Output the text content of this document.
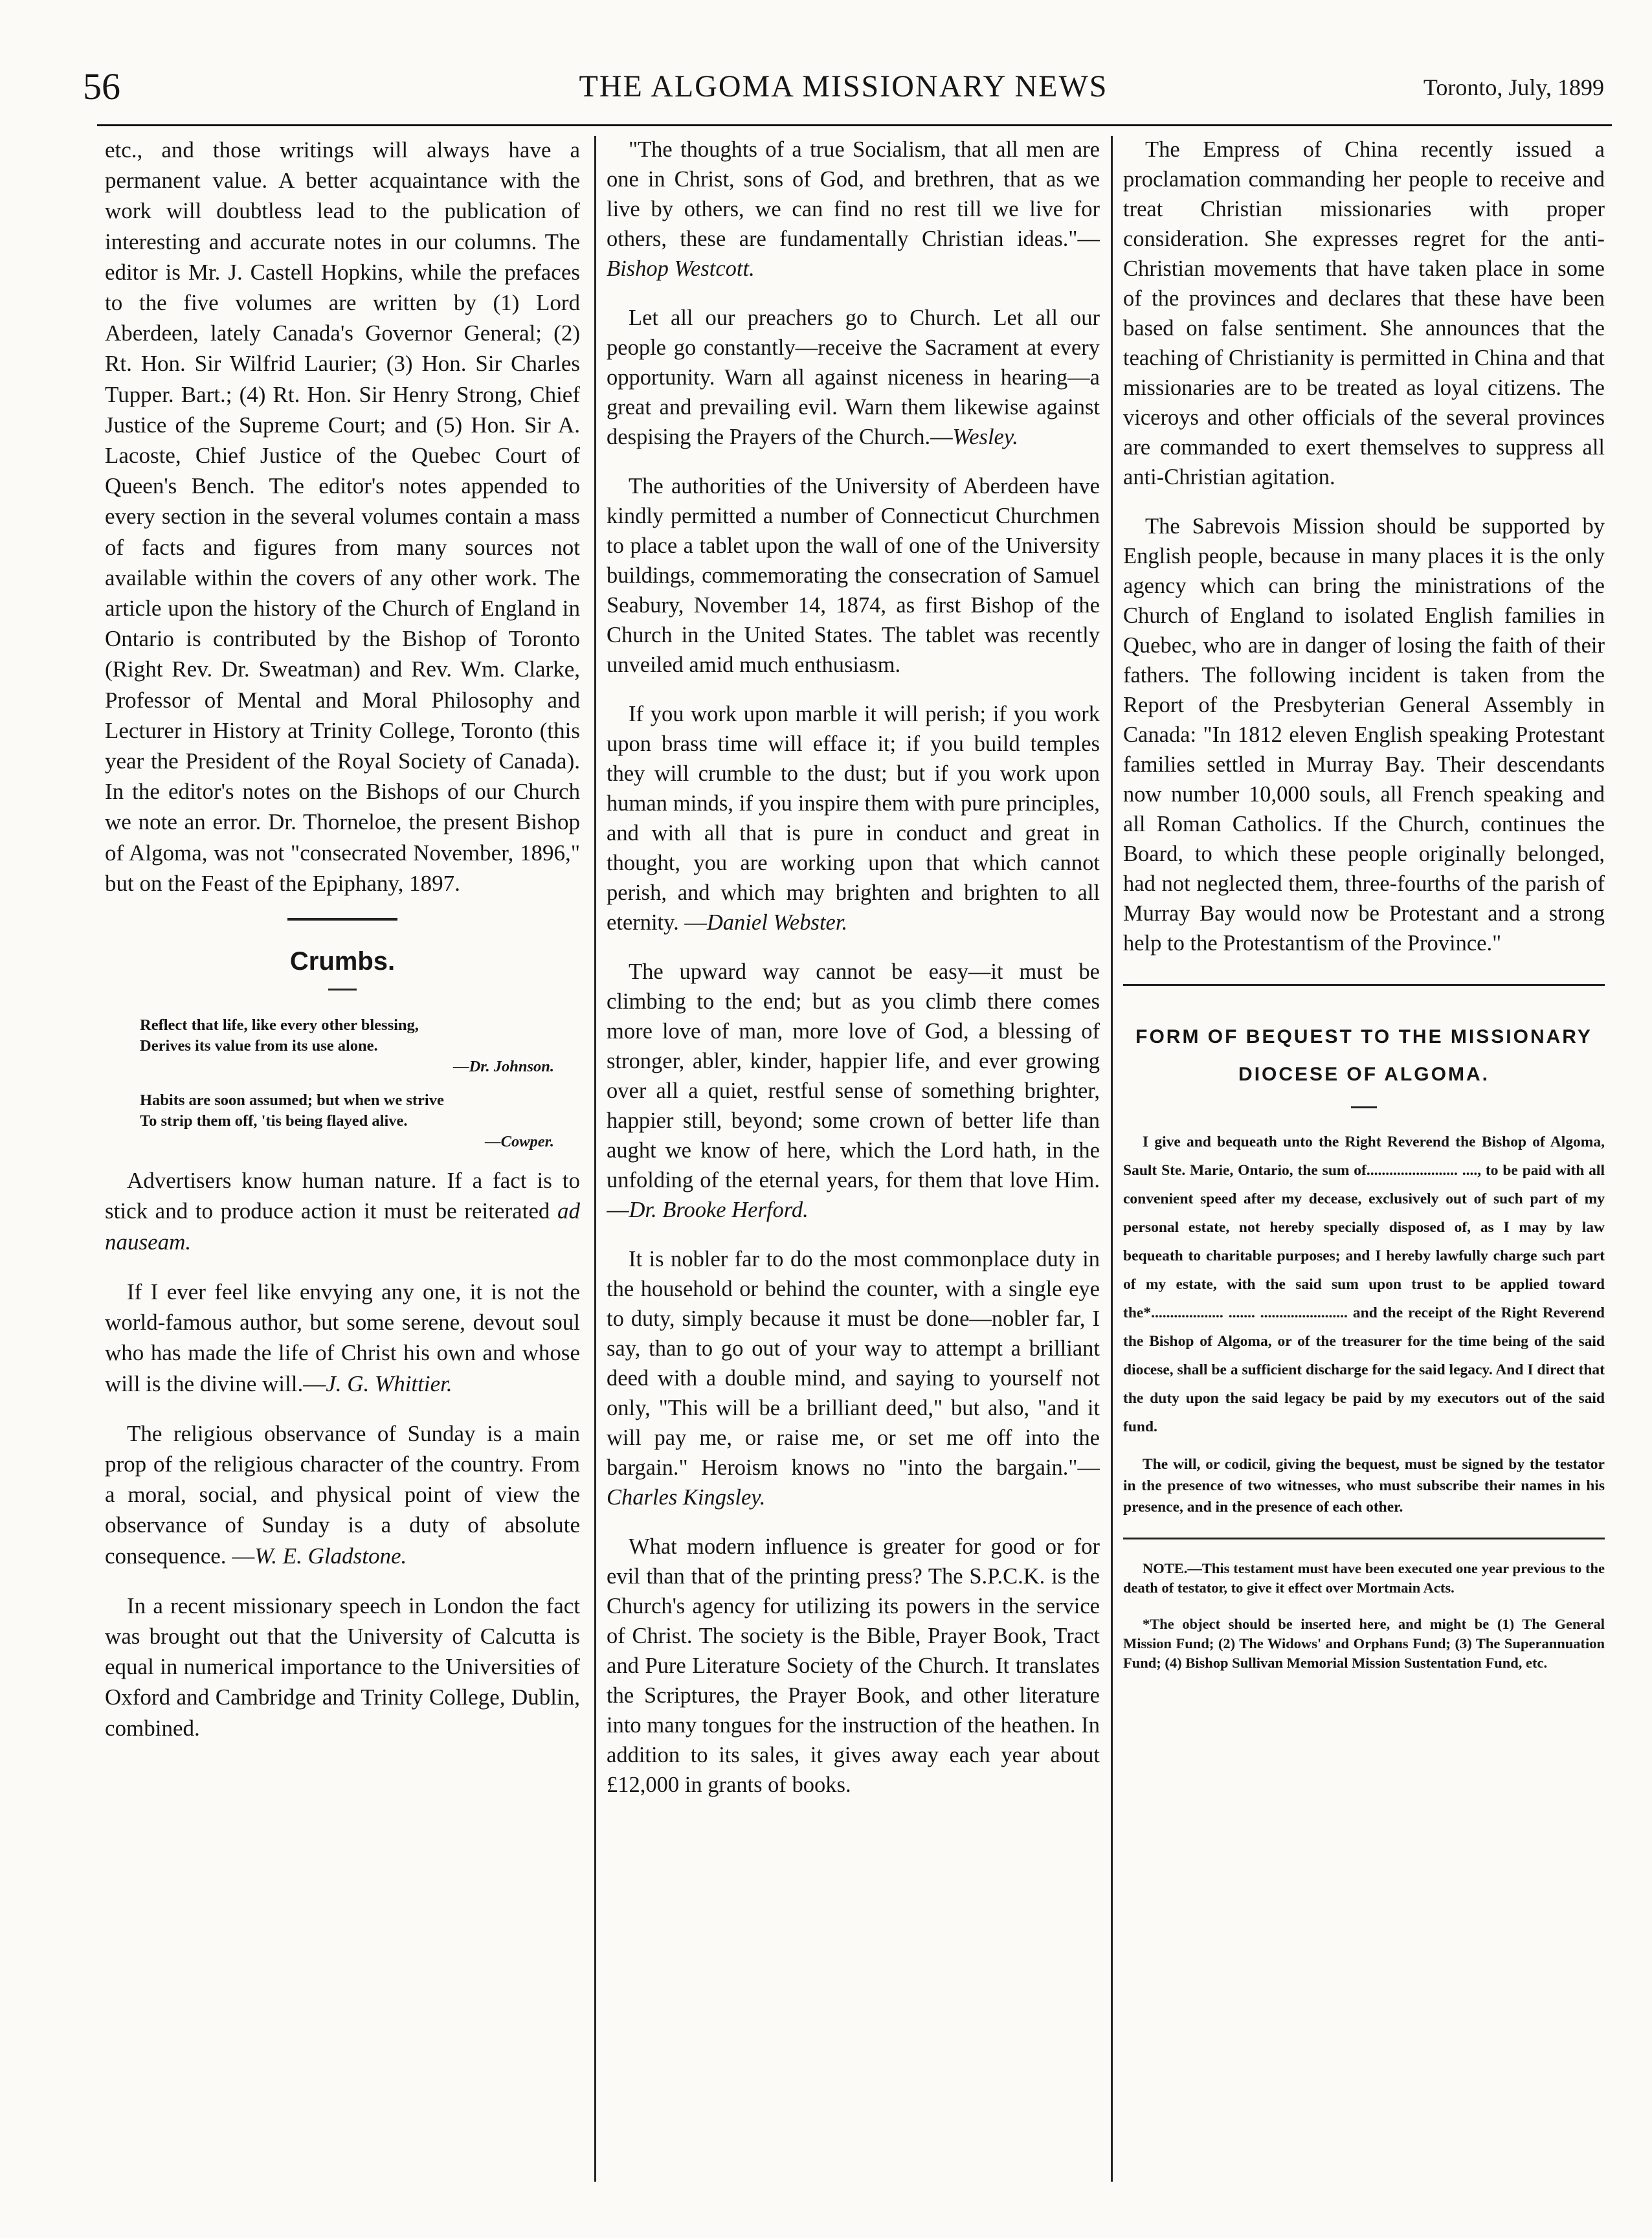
56	THE ALGOMA MISSIONARY NEWS	Toronto, July, 1899

etc., and those writings will always have a permanent value. A better acquaintance with the work will doubtless lead to the publication of interesting and accurate notes in our columns. The editor is Mr. J. Castell Hopkins, while the prefaces to the five volumes are written by (1) Lord Aberdeen, lately Canada's Governor General; (2) Rt. Hon. Sir Wilfrid Laurier; (3) Hon. Sir Charles Tupper. Bart.; (4) Rt. Hon. Sir Henry Strong, Chief Justice of the Supreme Court; and (5) Hon. Sir A. Lacoste, Chief Justice of the Quebec Court of Queen's Bench. The editor's notes appended to every section in the several volumes contain a mass of facts and figures from many sources not available within the covers of any other work. The article upon the history of the Church of England in Ontario is contributed by the Bishop of Toronto (Right Rev. Dr. Sweatman) and Rev. Wm. Clarke, Professor of Mental and Moral Philosophy and Lecturer in History at Trinity College, Toronto (this year the President of the Royal Society of Canada). In the editor's notes on the Bishops of our Church we note an error. Dr. Thorneloe, the present Bishop of Algoma, was not "consecrated November, 1896," but on the Feast of the Epiphany, 1897.

Crumbs.
Reflect that life, like every other blessing,
Derives its value from its use alone.
—Dr. Johnson.
Habits are soon assumed; but when we strive
To strip them off, 'tis being flayed alive.
—Cowper.

Advertisers know human nature. If a fact is to stick and to produce action it must be reiterated ad nauseam.

If I ever feel like envying any one, it is not the world-famous author, but some serene, devout soul who has made the life of Christ his own and whose will is the divine will.—J. G. Whittier.

The religious observance of Sunday is a main prop of the religious character of the country. From a moral, social, and physical point of view the observance of Sunday is a duty of absolute consequence. —W. E. Gladstone.

In a recent missionary speech in London the fact was brought out that the University of Calcutta is equal in numerical importance to the Universities of Oxford and Cambridge and Trinity College, Dublin, combined.

"The thoughts of a true Socialism, that all men are one in Christ, sons of God, and brethren, that as we live by others, we can find no rest till we live for others, these are fundamentally Christian ideas."—Bishop Westcott.

Let all our preachers go to Church. Let all our people go constantly—receive the Sacrament at every opportunity. Warn all against niceness in hearing—a great and prevailing evil. Warn them likewise against despising the Prayers of the Church.—Wesley.

The authorities of the University of Aberdeen have kindly permitted a number of Connecticut Churchmen to place a tablet upon the wall of one of the University buildings, commemorating the consecration of Samuel Seabury, November 14, 1874, as first Bishop of the Church in the United States. The tablet was recently unveiled amid much enthusiasm.

If you work upon marble it will perish; if you work upon brass time will efface it; if you build temples they will crumble to the dust; but if you work upon human minds, if you inspire them with pure principles, and with all that is pure in conduct and great in thought, you are working upon that which cannot perish, and which may brighten and brighten to all eternity. —Daniel Webster.

The upward way cannot be easy—it must be climbing to the end; but as you climb there comes more love of man, more love of God, a blessing of stronger, abler, kinder, happier life, and ever growing over all a quiet, restful sense of something brighter, happier still, beyond; some crown of better life than aught we know of here, which the Lord hath, in the unfolding of the eternal years, for them that love Him.—Dr. Brooke Herford.

It is nobler far to do the most commonplace duty in the household or behind the counter, with a single eye to duty, simply because it must be done—nobler far, I say, than to go out of your way to attempt a brilliant deed with a double mind, and saying to yourself not only, "This will be a brilliant deed," but also, "and it will pay me, or raise me, or set me off into the bargain." Heroism knows no "into the bargain."—Charles Kingsley.

What modern influence is greater for good or for evil than that of the printing press? The S.P.C.K. is the Church's agency for utilizing its powers in the service of Christ. The society is the Bible, Prayer Book, Tract and Pure Literature Society of the Church. It translates the Scriptures, the Prayer Book, and other literature into many tongues for the instruction of the heathen. In addition to its sales, it gives away each year about £12,000 in grants of books.

The Empress of China recently issued a proclamation commanding her people to receive and treat Christian missionaries with proper consideration. She expresses regret for the anti-Christian movements that have taken place in some of the provinces and declares that these have been based on false sentiment. She announces that the teaching of Christianity is permitted in China and that missionaries are to be treated as loyal citizens. The viceroys and other officials of the several provinces are commanded to exert themselves to suppress all anti-Christian agitation.

The Sabrevois Mission should be supported by English people, because in many places it is the only agency which can bring the ministrations of the Church of England to isolated English families in Quebec, who are in danger of losing the faith of their fathers. The following incident is taken from the Report of the Presbyterian General Assembly in Canada: "In 1812 eleven English speaking Protestant families settled in Murray Bay. Their descendants now number 10,000 souls, all French speaking and all Roman Catholics. If the Church, continues the Board, to which these people originally belonged, had not neglected them, three-fourths of the parish of Murray Bay would now be Protestant and a strong help to the Protestantism of the Province."

FORM OF BEQUEST TO THE MISSIONARY DIOCESE OF ALGOMA.

I give and bequeath unto the Right Reverend the Bishop of Algoma, Sault Ste. Marie, Ontario, the sum of........................ ...., to be paid with all convenient speed after my decease, exclusively out of such part of my personal estate, not hereby specially disposed of, as I may by law bequeath to charitable purposes; and I hereby lawfully charge such part of my estate, with the said sum upon trust to be applied toward the*................... ....... ....................... and the receipt of the Right Reverend the Bishop of Algoma, or of the treasurer for the time being of the said diocese, shall be a sufficient discharge for the said legacy. And I direct that the duty upon the said legacy be paid by my executors out of the said fund.

The will, or codicil, giving the bequest, must be signed by the testator in the presence of two witnesses, who must subscribe their names in his presence, and in the presence of each other.

NOTE.—This testament must have been executed one year previous to the death of testator, to give it effect over Mortmain Acts.

*The object should be inserted here, and might be (1) The General Mission Fund; (2) The Widows' and Orphans Fund; (3) The Superannuation Fund; (4) Bishop Sullivan Memorial Mission Sustentation Fund, etc.
